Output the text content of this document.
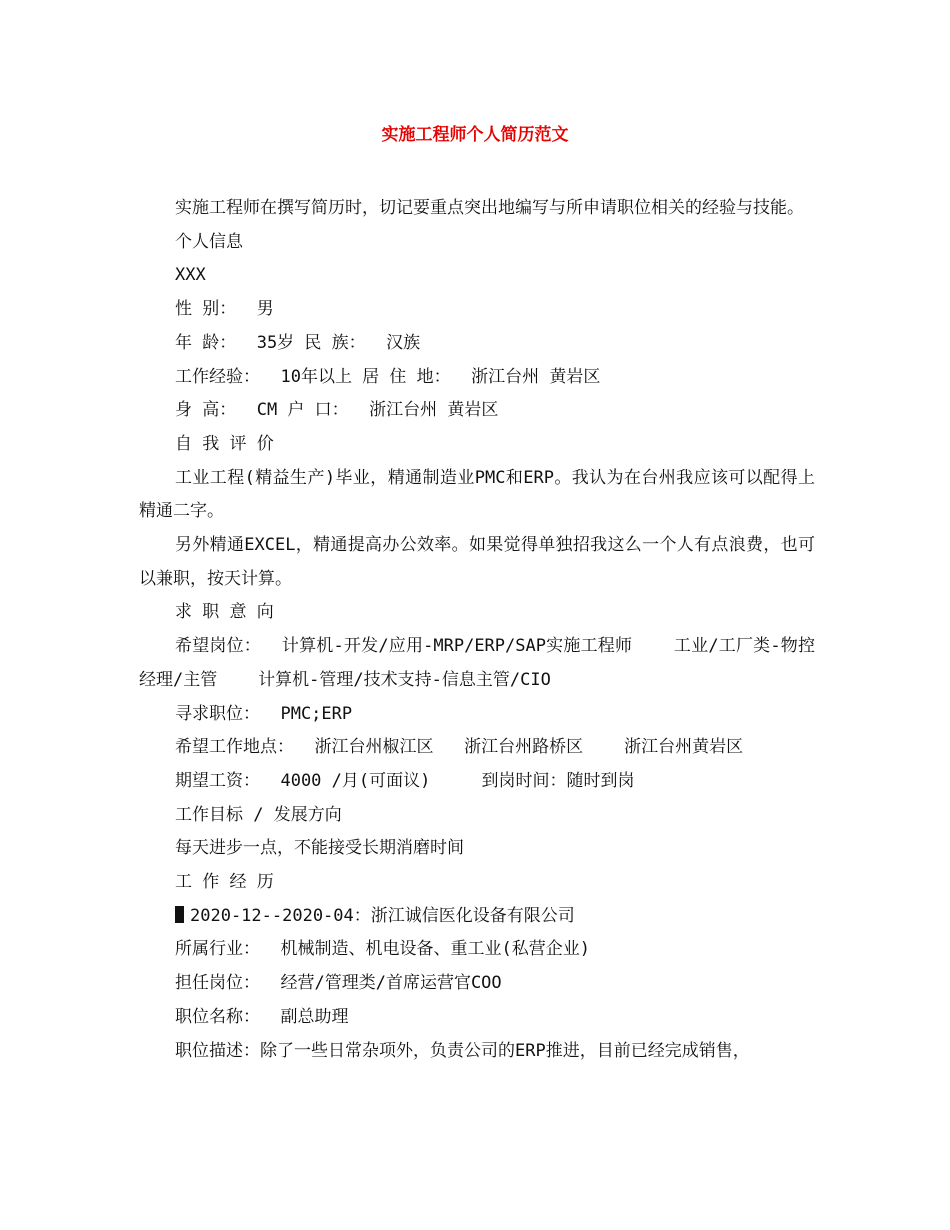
实施工程师个人简历范文

实施工程师在撰写简历时，切记要重点突出地编写与所申请职位相关的经验与技能。

个人信息

XXX

性 别：  男

年 龄：  35岁 民 族：  汉族

工作经验：  10年以上 居 住 地：  浙江台州 黄岩区

身 高：  CM 户 口：  浙江台州 黄岩区

自 我 评 价

工业工程(精益生产)毕业，精通制造业PMC和ERP。我认为在台州我应该可以配得上精通二字。

另外精通EXCEL，精通提高办公效率。如果觉得单独招我这么一个人有点浪费，也可以兼职，按天计算。

求 职 意 向

希望岗位：  计算机-开发/应用-MRP/ERP/SAP实施工程师    工业/工厂类-物控经理/主管    计算机-管理/技术支持-信息主管/CIO

寻求职位：  PMC;ERP

希望工作地点：  浙江台州椒江区   浙江台州路桥区    浙江台州黄岩区

期望工资：  4000 /月(可面议)     到岗时间：随时到岗

工作目标 / 发展方向

每天进步一点，不能接受长期消磨时间

工 作 经 历

2020-12--2020-04：浙江诚信医化设备有限公司

所属行业：  机械制造、机电设备、重工业(私营企业)

担任岗位：  经营/管理类/首席运营官COO

职位名称：  副总助理

职位描述：除了一些日常杂项外，负责公司的ERP推进，目前已经完成销售，
